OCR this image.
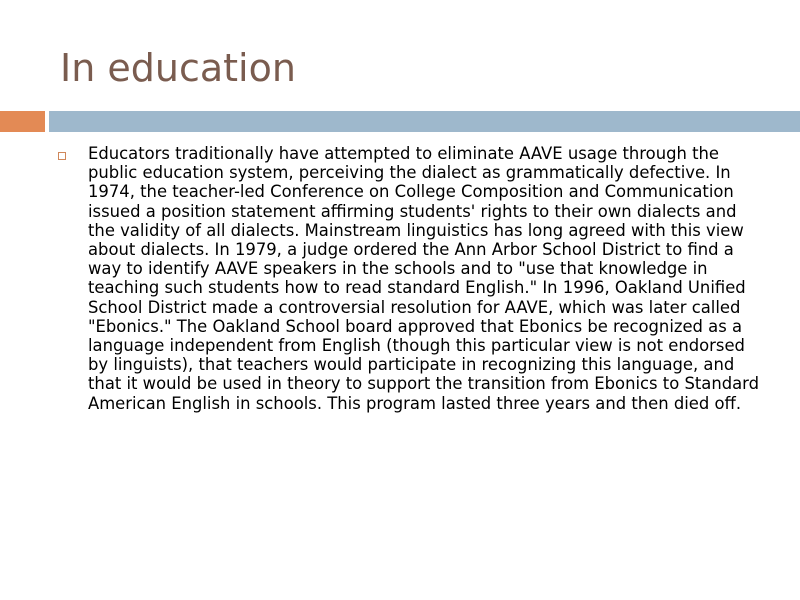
In education

Educators traditionally have attempted to eliminate AAVE usage through the public education system, perceiving the dialect as grammatically defective. In 1974, the teacher-led Conference on College Composition and Communication issued a position statement affirming students' rights to their own dialects and the validity of all dialects. Mainstream linguistics has long agreed with this view about dialects. In 1979, a judge ordered the Ann Arbor School District to find a way to identify AAVE speakers in the schools and to "use that knowledge in teaching such students how to read standard English." In 1996, Oakland Unified School District made a controversial resolution for AAVE, which was later called "Ebonics." The Oakland School board approved that Ebonics be recognized as a language independent from English (though this particular view is not endorsed by linguists), that teachers would participate in recognizing this language, and that it would be used in theory to support the transition from Ebonics to Standard American English in schools. This program lasted three years and then died off.
